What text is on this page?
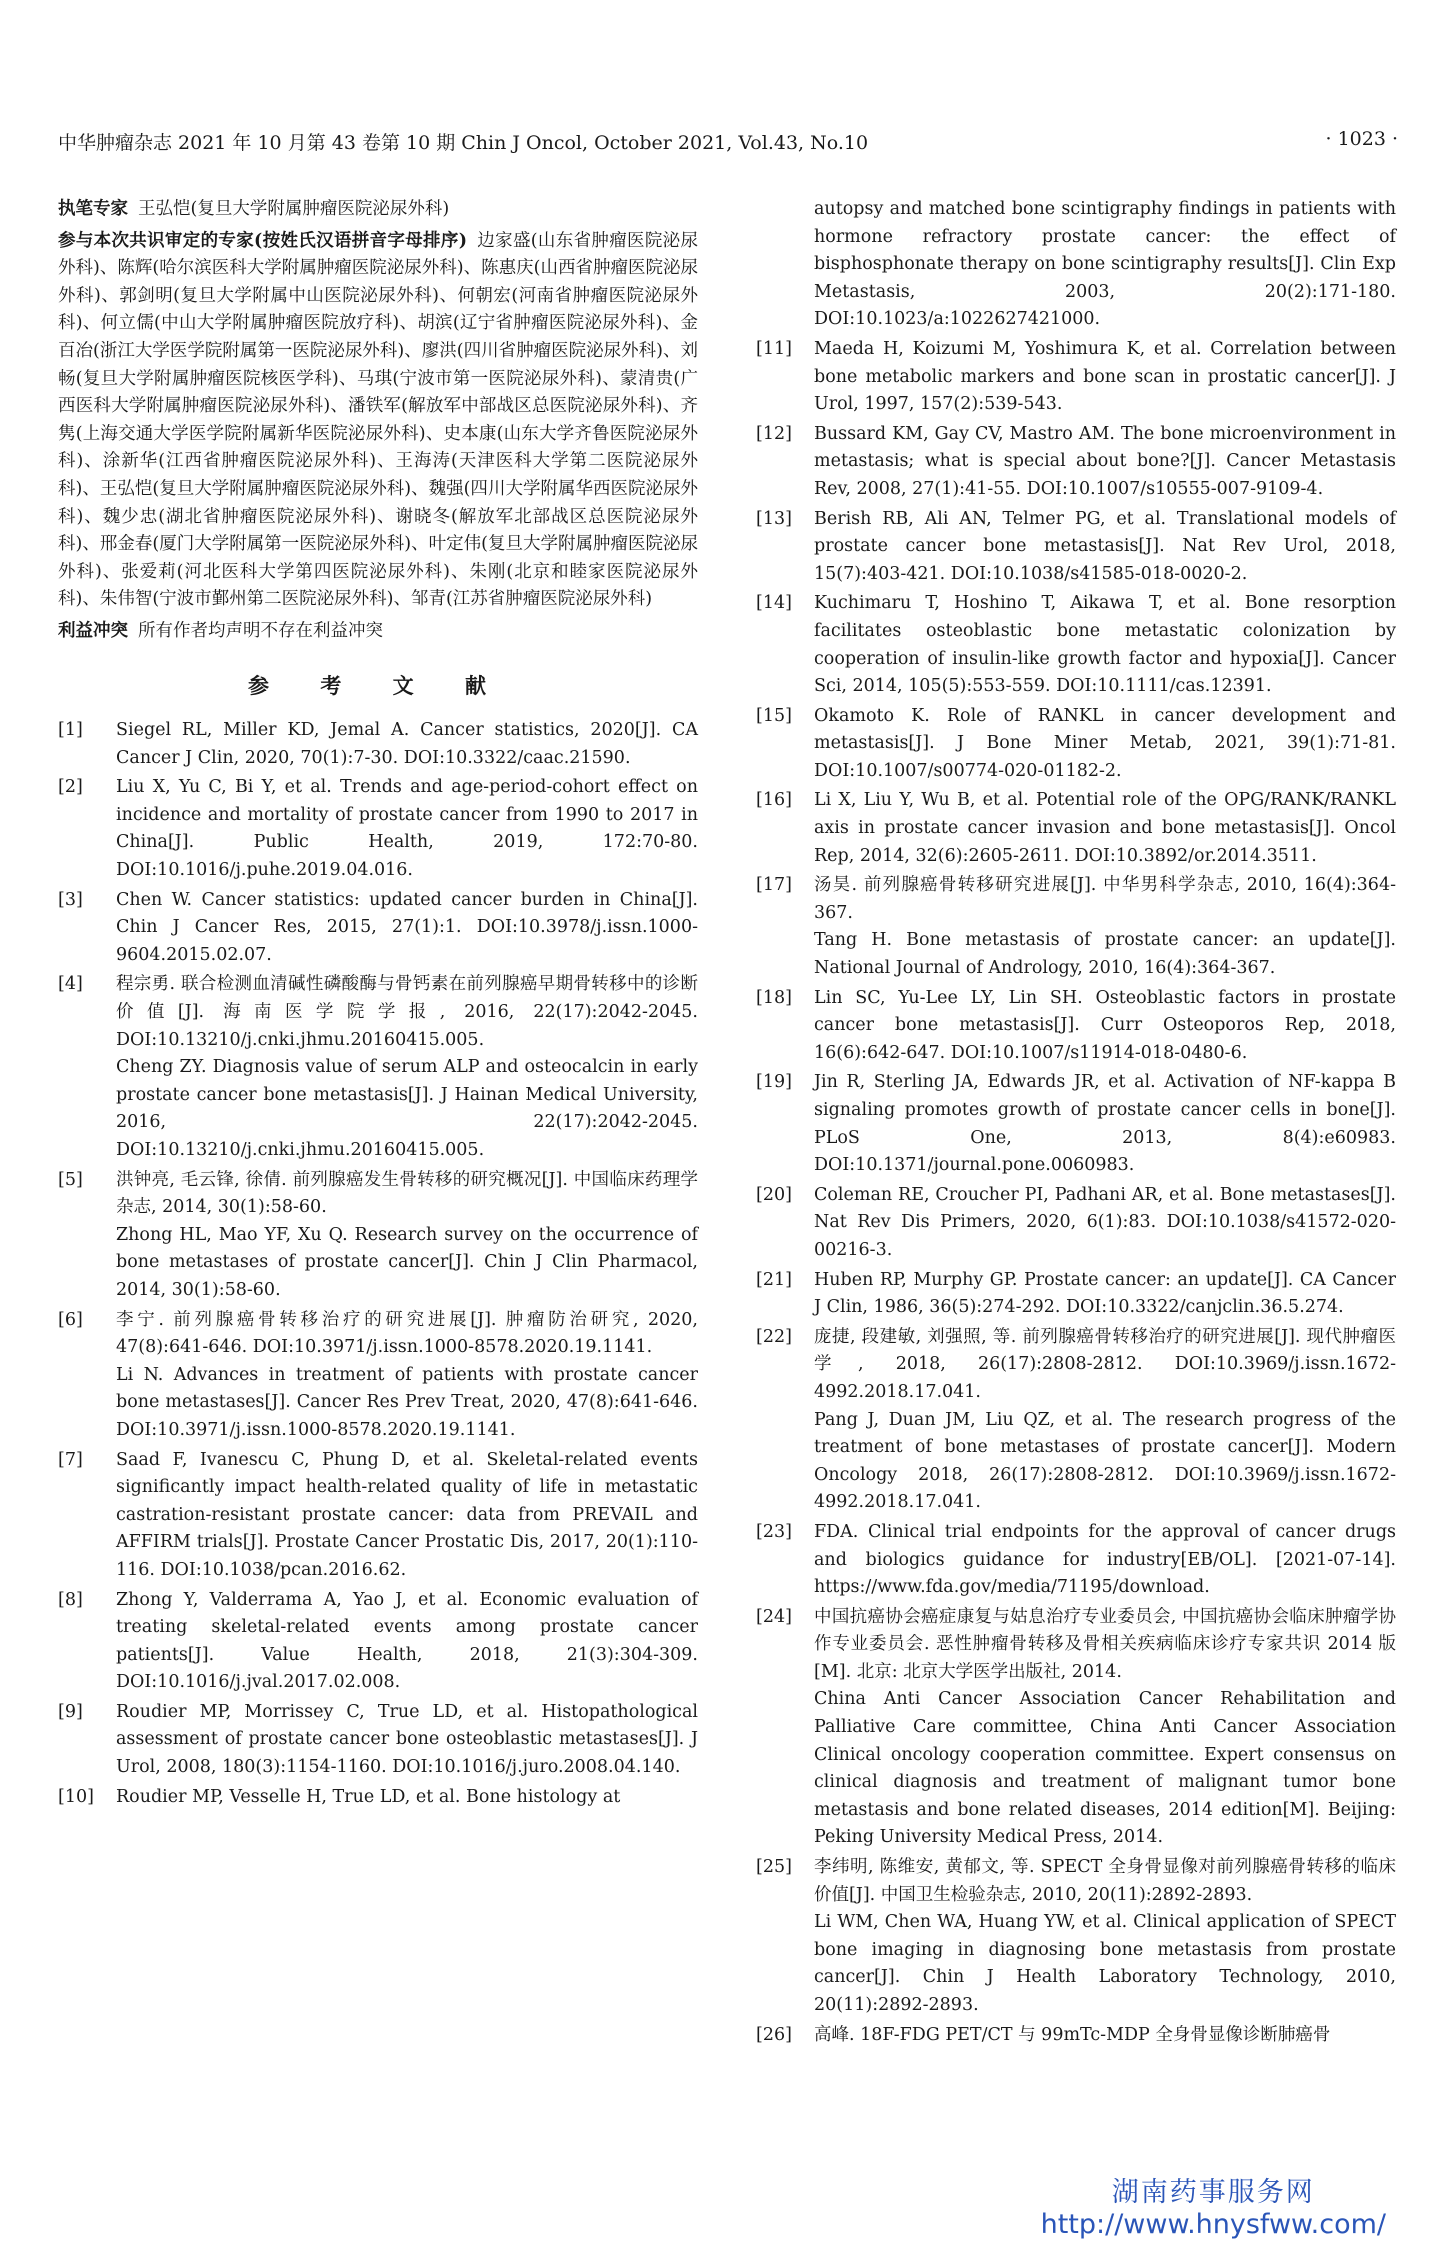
中华肿瘤杂志 2021 年 10 月第 43 卷第 10 期 Chin J Oncol, October 2021, Vol.43, No.10	· 1023 ·

执笔专家 王弘恺(复旦大学附属肿瘤医院泌尿外科)

参与本次共识审定的专家(按姓氏汉语拼音字母排序) 边家盛(山东省肿瘤医院泌尿外科)、陈辉(哈尔滨医科大学附属肿瘤医院泌尿外科)、陈惠庆(山西省肿瘤医院泌尿外科)、郭剑明(复旦大学附属中山医院泌尿外科)、何朝宏(河南省肿瘤医院泌尿外科)、何立儒(中山大学附属肿瘤医院放疗科)、胡滨(辽宁省肿瘤医院泌尿外科)、金百冶(浙江大学医学院附属第一医院泌尿外科)、廖洪(四川省肿瘤医院泌尿外科)、刘畅(复旦大学附属肿瘤医院核医学科)、马琪(宁波市第一医院泌尿外科)、蒙清贵(广西医科大学附属肿瘤医院泌尿外科)、潘铁军(解放军中部战区总医院泌尿外科)、齐隽(上海交通大学医学院附属新华医院泌尿外科)、史本康(山东大学齐鲁医院泌尿外科)、涂新华(江西省肿瘤医院泌尿外科)、王海涛(天津医科大学第二医院泌尿外科)、王弘恺(复旦大学附属肿瘤医院泌尿外科)、魏强(四川大学附属华西医院泌尿外科)、魏少忠(湖北省肿瘤医院泌尿外科)、谢晓冬(解放军北部战区总医院泌尿外科)、邢金春(厦门大学附属第一医院泌尿外科)、叶定伟(复旦大学附属肿瘤医院泌尿外科)、张爱莉(河北医科大学第四医院泌尿外科)、朱刚(北京和睦家医院泌尿外科)、朱伟智(宁波市鄞州第二医院泌尿外科)、邹青(江苏省肿瘤医院泌尿外科)

利益冲突 所有作者均声明不存在利益冲突

参 考 文 献
[1]	Siegel RL, Miller KD, Jemal A. Cancer statistics, 2020[J]. CA Cancer J Clin, 2020, 70(1):7-30. DOI:10.3322/caac.21590.
[2]	Liu X, Yu C, Bi Y, et al. Trends and age-period-cohort effect on incidence and mortality of prostate cancer from 1990 to 2017 in China[J]. Public Health, 2019, 172:70-80. DOI:10.1016/j.puhe.2019.04.016.
[3]	Chen W. Cancer statistics: updated cancer burden in China[J]. Chin J Cancer Res, 2015, 27(1):1. DOI:10.3978/j.issn.1000-9604.2015.02.07.
[4]	程宗勇. 联合检测血清碱性磷酸酶与骨钙素在前列腺癌早期骨转移中的诊断价值[J]. 海南医学院学报, 2016, 22(17):2042-2045. DOI:10.13210/j.cnki.jhmu.20160415.005.
Cheng ZY. Diagnosis value of serum ALP and osteocalcin in early prostate cancer bone metastasis[J]. J Hainan Medical University, 2016, 22(17):2042-2045. DOI:10.13210/j.cnki.jhmu.20160415.005.
[5]	洪钟亮, 毛云锋, 徐倩. 前列腺癌发生骨转移的研究概况[J]. 中国临床药理学杂志, 2014, 30(1):58-60.
Zhong HL, Mao YF, Xu Q. Research survey on the occurrence of bone metastases of prostate cancer[J]. Chin J Clin Pharmacol, 2014, 30(1):58-60.
[6]	李宁. 前列腺癌骨转移治疗的研究进展[J]. 肿瘤防治研究, 2020, 47(8):641-646. DOI:10.3971/j.issn.1000-8578.2020.19.1141.
Li N. Advances in treatment of patients with prostate cancer bone metastases[J]. Cancer Res Prev Treat, 2020, 47(8):641-646. DOI:10.3971/j.issn.1000-8578.2020.19.1141.
[7]	Saad F, Ivanescu C, Phung D, et al. Skeletal-related events significantly impact health-related quality of life in metastatic castration-resistant prostate cancer: data from PREVAIL and AFFIRM trials[J]. Prostate Cancer Prostatic Dis, 2017, 20(1):110-116. DOI:10.1038/pcan.2016.62.
[8]	Zhong Y, Valderrama A, Yao J, et al. Economic evaluation of treating skeletal-related events among prostate cancer patients[J]. Value Health, 2018, 21(3):304-309. DOI:10.1016/j.jval.2017.02.008.
[9]	Roudier MP, Morrissey C, True LD, et al. Histopathological assessment of prostate cancer bone osteoblastic metastases[J]. J Urol, 2008, 180(3):1154-1160. DOI:10.1016/j.juro.2008.04.140.
[10]	Roudier MP, Vesselle H, True LD, et al. Bone histology at
autopsy and matched bone scintigraphy findings in patients with hormone refractory prostate cancer: the effect of bisphosphonate therapy on bone scintigraphy results[J]. Clin Exp Metastasis, 2003, 20(2):171-180. DOI:10.1023/a:1022627421000.
[11]	Maeda H, Koizumi M, Yoshimura K, et al. Correlation between bone metabolic markers and bone scan in prostatic cancer[J]. J Urol, 1997, 157(2):539-543.
[12]	Bussard KM, Gay CV, Mastro AM. The bone microenvironment in metastasis; what is special about bone?[J]. Cancer Metastasis Rev, 2008, 27(1):41-55. DOI:10.1007/s10555-007-9109-4.
[13]	Berish RB, Ali AN, Telmer PG, et al. Translational models of prostate cancer bone metastasis[J]. Nat Rev Urol, 2018, 15(7):403-421. DOI:10.1038/s41585-018-0020-2.
[14]	Kuchimaru T, Hoshino T, Aikawa T, et al. Bone resorption facilitates osteoblastic bone metastatic colonization by cooperation of insulin-like growth factor and hypoxia[J]. Cancer Sci, 2014, 105(5):553-559. DOI:10.1111/cas.12391.
[15]	Okamoto K. Role of RANKL in cancer development and metastasis[J]. J Bone Miner Metab, 2021, 39(1):71-81. DOI:10.1007/s00774-020-01182-2.
[16]	Li X, Liu Y, Wu B, et al. Potential role of the OPG/RANK/RANKL axis in prostate cancer invasion and bone metastasis[J]. Oncol Rep, 2014, 32(6):2605-2611. DOI:10.3892/or.2014.3511.
[17]	汤昊. 前列腺癌骨转移研究进展[J]. 中华男科学杂志, 2010, 16(4):364-367.
Tang H. Bone metastasis of prostate cancer: an update[J]. National Journal of Andrology, 2010, 16(4):364-367.
[18]	Lin SC, Yu-Lee LY, Lin SH. Osteoblastic factors in prostate cancer bone metastasis[J]. Curr Osteoporos Rep, 2018, 16(6):642-647. DOI:10.1007/s11914-018-0480-6.
[19]	Jin R, Sterling JA, Edwards JR, et al. Activation of NF-kappa B signaling promotes growth of prostate cancer cells in bone[J]. PLoS One, 2013, 8(4):e60983. DOI:10.1371/journal.pone.0060983.
[20]	Coleman RE, Croucher PI, Padhani AR, et al. Bone metastases[J]. Nat Rev Dis Primers, 2020, 6(1):83. DOI:10.1038/s41572-020-00216-3.
[21]	Huben RP, Murphy GP. Prostate cancer: an update[J]. CA Cancer J Clin, 1986, 36(5):274-292. DOI:10.3322/canjclin.36.5.274.
[22]	庞捷, 段建敏, 刘强照, 等. 前列腺癌骨转移治疗的研究进展[J]. 现代肿瘤医学, 2018, 26(17):2808-2812. DOI:10.3969/j.issn.1672-4992.2018.17.041.
Pang J, Duan JM, Liu QZ, et al. The research progress of the treatment of bone metastases of prostate cancer[J]. Modern Oncology 2018, 26(17):2808-2812. DOI:10.3969/j.issn.1672-4992.2018.17.041.
[23]	FDA. Clinical trial endpoints for the approval of cancer drugs and biologics guidance for industry[EB/OL]. [2021-07-14]. https://www.fda.gov/media/71195/download.
[24]	中国抗癌协会癌症康复与姑息治疗专业委员会, 中国抗癌协会临床肿瘤学协作专业委员会. 恶性肿瘤骨转移及骨相关疾病临床诊疗专家共识 2014 版[M]. 北京: 北京大学医学出版社, 2014.
China Anti Cancer Association Cancer Rehabilitation and Palliative Care committee, China Anti Cancer Association Clinical oncology cooperation committee. Expert consensus on clinical diagnosis and treatment of malignant tumor bone metastasis and bone related diseases, 2014 edition[M]. Beijing: Peking University Medical Press, 2014.
[25]	李纬明, 陈维安, 黄郁文, 等. SPECT 全身骨显像对前列腺癌骨转移的临床价值[J]. 中国卫生检验杂志, 2010, 20(11):2892-2893.
Li WM, Chen WA, Huang YW, et al. Clinical application of SPECT bone imaging in diagnosing bone metastasis from prostate cancer[J]. Chin J Health Laboratory Technology, 2010, 20(11):2892-2893.
[26]	高峰. 18F-FDG PET/CT 与 99mTc-MDP 全身骨显像诊断肺癌骨
湖南药事服务网
http://www.hnysfww.com/
